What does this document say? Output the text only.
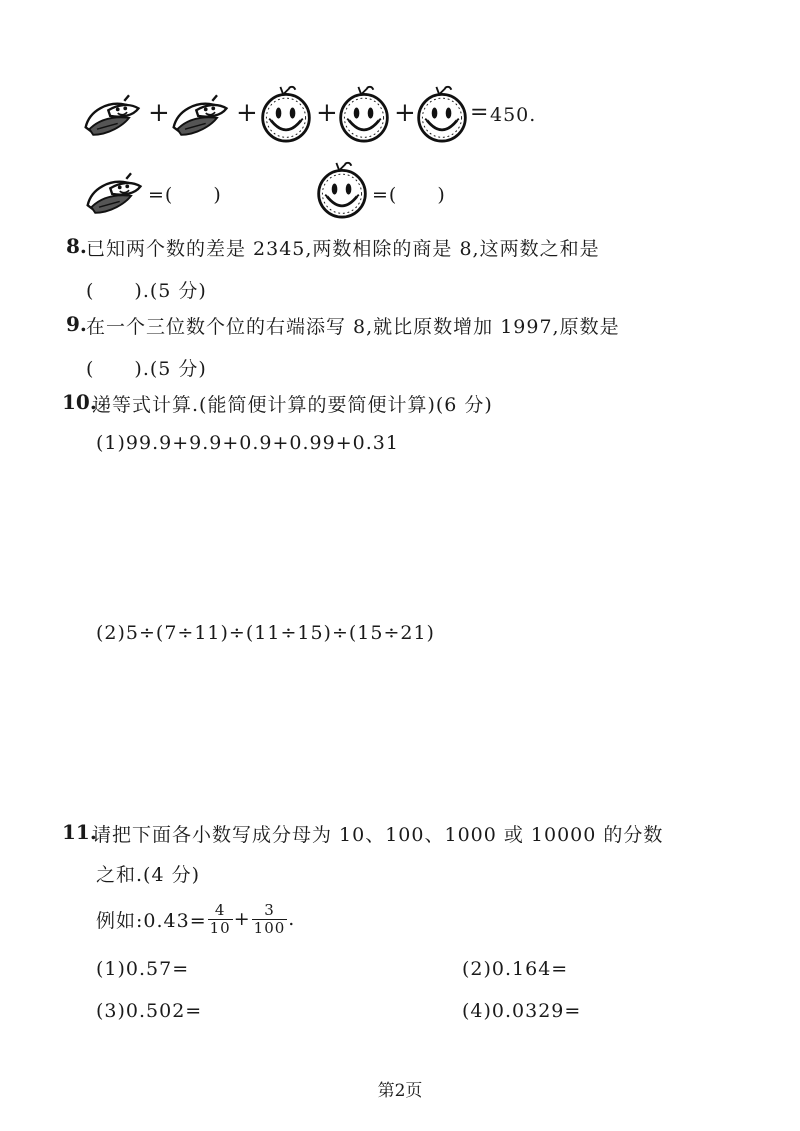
+	+ + + = 450.
=(　　)	=(　　)
8. 已知两个数的差是 2345,两数相除的商是 8,这两数之和是
(　　).(5 分)
9. 在一个三位数个位的右端添写 8,就比原数增加 1997,原数是
(　　).(5 分)
10.
递等式计算.(能简便计算的要简便计算)(6 分)
(1)99.9+9.9+0.9+0.99+0.31
(2)5÷(7÷11)÷(11÷15)÷(15÷21)
11.
请把下面各小数写成分母为 10、100、1000 或 10000 的分数
之和.(4 分)
例如:0.43= $\frac{4}{10} + \frac{3}{100}$ .
(1)0.57=	(2)0.164=
(3)0.502=	(4)0.0329=
第2页
